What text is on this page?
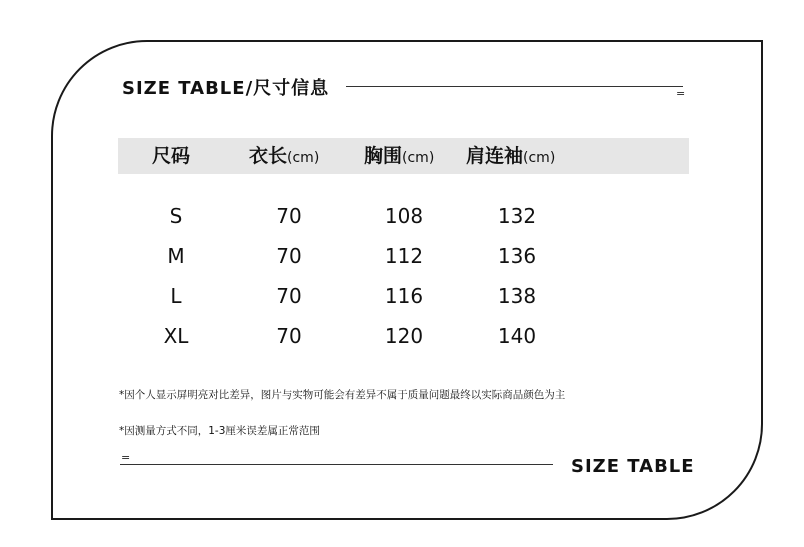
SIZE TABLE/尺寸信息	=
尺码	衣长(cm) 胸围(cm) 肩连袖(cm)
S	70	108	132
M	70	112	136
L	70	116	138
XL	70	120	140
*因个人显示屏明亮对比差异，图片与实物可能会有差异不属于质量问题最终以实际商品颜色为主
*因测量方式不同，1-3厘米误差属正常范围
=	SIZE TABLE
